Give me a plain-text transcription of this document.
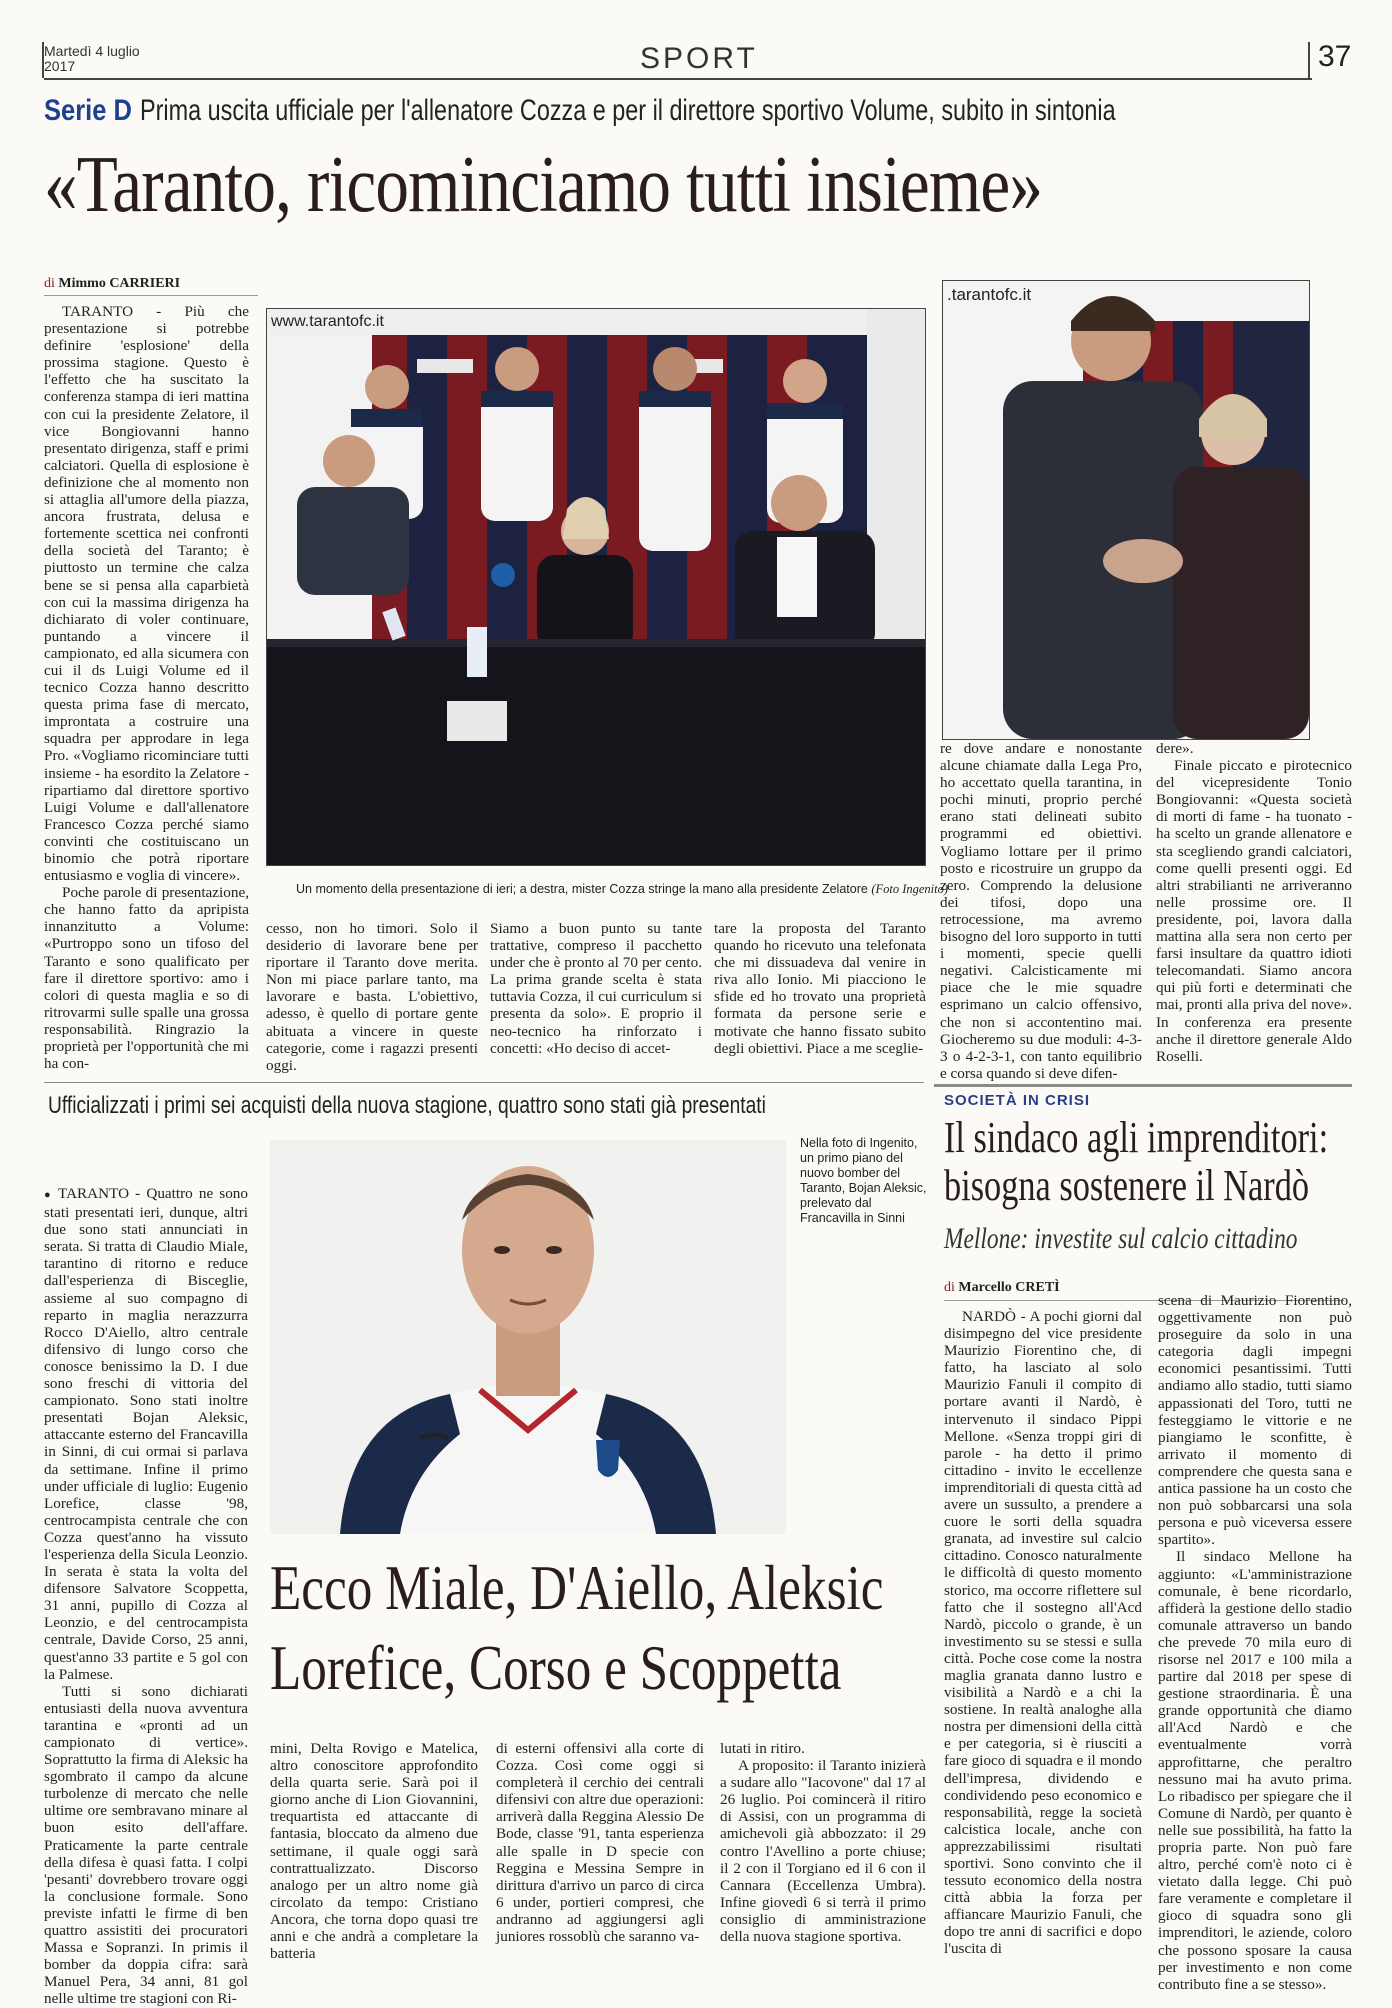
Martedì 4 luglio
2017	SPORT	37
Serie D Prima uscita ufficiale per l'allenatore Cozza e per il direttore sportivo Volume, subito in sintonia
«Taranto, ricominciamo tutti insieme»
di Mimmo CARRIERI

TARANTO - Più che presentazione si potrebbe definire 'esplosione' della prossima stagione. Questo è l'effetto che ha suscitato la conferenza stampa di ieri mattina con cui la presidente Zelatore, il vice Bongiovanni hanno presentato dirigenza, staff e primi calciatori. Quella di esplosione è definizione che al momento non si attaglia all'umore della piazza, ancora frustrata, delusa e fortemente scettica nei confronti della società del Taranto; è piuttosto un termine che calza bene se si pensa alla caparbietà con cui la massima dirigenza ha dichiarato di voler continuare, puntando a vincere il campionato, ed alla sicumera con cui il ds Luigi Volume ed il tecnico Cozza hanno descritto questa prima fase di mercato, improntata a costruire una squadra per approdare in lega Pro. «Vogliamo ricominciare tutti insieme - ha esordito la Zelatore - ripartiamo dal direttore sportivo Luigi Volume e dall'allenatore Francesco Cozza perché siamo convinti che costituiscano un binomio che potrà riportare entusiasmo e voglia di vincere».

Poche parole di presentazione, che hanno fatto da apripista innanzitutto a Volume: «Purtroppo sono un tifoso del Taranto e sono qualificato per fare il direttore sportivo: amo i colori di questa maglia e so di ritrovarmi sulle spalle una grossa responsabilità. Ringrazio la proprietà per l'opportunità che mi ha con-

www.tarantofc.it
Un momento della presentazione di ieri; a destra, mister Cozza stringe la mano alla presidente Zelatore (Foto Ingenito)
.tarantofc.it

cesso, non ho timori. Solo il desiderio di lavorare bene per riportare il Taranto dove merita. Non mi piace parlare tanto, ma lavorare e basta. L'obiettivo, adesso, è quello di portare gente abituata a vincere in queste categorie, come i ragazzi presenti oggi.

Siamo a buon punto su tante trattative, compreso il pacchetto under che è pronto al 70 per cento. La prima grande scelta è stata tuttavia Cozza, il cui curriculum si presenta da solo». E proprio il neo-tecnico ha rinforzato i concetti: «Ho deciso di accet-

tare la proposta del Taranto quando ho ricevuto una telefonata che mi dissuadeva dal venire in riva allo Ionio. Mi piacciono le sfide ed ho trovato una proprietà formata da persone serie e motivate che hanno fissato subito degli obiettivi. Piace a me sceglie-

re dove andare e nonostante alcune chiamate dalla Lega Pro, ho accettato quella tarantina, in pochi minuti, proprio perché erano stati delineati subito programmi ed obiettivi. Vogliamo lottare per il primo posto e ricostruire un gruppo da zero. Comprendo la delusione dei tifosi, dopo una retrocessione, ma avremo bisogno del loro supporto in tutti i momenti, specie quelli negativi. Calcisticamente mi piace che le mie squadre esprimano un calcio offensivo, che non si accontentino mai. Giocheremo su due moduli: 4-3-3 o 4-2-3-1, con tanto equilibrio e corsa quando si deve difen-

dere».

Finale piccato e pirotecnico del vicepresidente Tonio Bongiovanni: «Questa società di morti di fame - ha tuonato - ha scelto un grande allenatore e sta scegliendo grandi calciatori, come quelli presenti oggi. Ed altri strabilianti ne arriveranno nelle prossime ore. Il presidente, poi, lavora dalla mattina alla sera non certo per farsi insultare da quattro idioti telecomandati. Siamo ancora qui più forti e determinati che mai, pronti alla priva del nove». In conferenza era presente anche il direttore generale Aldo Roselli.

Ufficializzati i primi sei acquisti della nuova stagione, quattro sono stati già presentati

● TARANTO - Quattro ne sono stati presentati ieri, dunque, altri due sono stati annunciati in serata. Si tratta di Claudio Miale, tarantino di ritorno e reduce dall'esperienza di Bisceglie, assieme al suo compagno di reparto in maglia nerazzurra Rocco D'Aiello, altro centrale difensivo di lungo corso che conosce benissimo la D. I due sono freschi di vittoria del campionato. Sono stati inoltre presentati Bojan Aleksic, attaccante esterno del Francavilla in Sinni, di cui ormai si parlava da settimane. Infine il primo under ufficiale di luglio: Eugenio Lorefice, classe '98, centrocampista centrale che con Cozza quest'anno ha vissuto l'esperienza della Sicula Leonzio. In serata è stata la volta del difensore Salvatore Scoppetta, 31 anni, pupillo di Cozza al Leonzio, e del centrocampista centrale, Davide Corso, 25 anni, quest'anno 33 partite e 5 gol con la Palmese.

Tutti si sono dichiarati entusiasti della nuova avventura tarantina e «pronti ad un campionato di vertice». Soprattutto la firma di Aleksic ha sgombrato il campo da alcune turbolenze di mercato che nelle ultime ore sembravano minare al buon esito dell'affare. Praticamente la parte centrale della difesa è quasi fatta. I colpi 'pesanti' dovrebbero trovare oggi la conclusione formale. Sono previste infatti le firme di ben quattro assistiti dei procuratori Massa e Sopranzi. In primis il bomber da doppia cifra: sarà Manuel Pera, 34 anni, 81 gol nelle ultime tre stagioni con Ri-

Nella foto di Ingenito, un primo piano del nuovo bomber del Taranto, Bojan Aleksic, prelevato dal Francavilla in Sinni
Ecco Miale, D'Aiello, Aleksic
Lorefice, Corso e Scoppetta

mini, Delta Rovigo e Matelica, altro conoscitore approfondito della quarta serie. Sarà poi il giorno anche di Lion Giovannini, trequartista ed attaccante di fantasia, bloccato da almeno due settimane, il quale oggi sarà contrattualizzato. Discorso analogo per un altro nome già circolato da tempo: Cristiano Ancora, che torna dopo quasi tre anni e che andrà a completare la batteria

di esterni offensivi alla corte di Cozza. Così come oggi si completerà il cerchio dei centrali difensivi con altre due operazioni: arriverà dalla Reggina Alessio De Bode, classe '91, tanta esperienza alle spalle in D specie con Reggina e Messina Sempre in dirittura d'arrivo un parco di circa 6 under, portieri compresi, che andranno ad aggiungersi agli juniores rossoblù che saranno va-

lutati in ritiro.

A proposito: il Taranto inizierà a sudare allo "Iacovone" dal 17 al 26 luglio. Poi comincerà il ritiro di Assisi, con un programma di amichevoli già abbozzato: il 29 contro l'Avellino a porte chiuse; il 2 con il Torgiano ed il 6 con il Cannara (Eccellenza Umbra). Infine giovedì 6 si terrà il primo consiglio di amministrazione della nuova stagione sportiva.

SOCIETÀ IN CRISI
Il sindaco agli imprenditori: bisogna sostenere il Nardò
Mellone: investite sul calcio cittadino
di Marcello CRETÌ

NARDÒ - A pochi giorni dal disimpegno del vice presidente Maurizio Fiorentino che, di fatto, ha lasciato al solo Maurizio Fanuli il compito di portare avanti il Nardò, è intervenuto il sindaco Pippi Mellone. «Senza troppi giri di parole - ha detto il primo cittadino - invito le eccellenze imprenditoriali di questa città ad avere un sussulto, a prendere a cuore le sorti della squadra granata, ad investire sul calcio cittadino. Conosco naturalmente le difficoltà di questo momento storico, ma occorre riflettere sul fatto che il sostegno all'Acd Nardò, piccolo o grande, è un investimento su se stessi e sulla città. Poche cose come la nostra maglia granata danno lustro e visibilità a Nardò e a chi la sostiene. In realtà analoghe alla nostra per dimensioni della città e per categoria, si è riusciti a fare gioco di squadra e il mondo dell'impresa, dividendo e condividendo peso economico e responsabilità, regge la società calcistica locale, anche con apprezzabilissimi risultati sportivi. Sono convinto che il tessuto economico della nostra città abbia la forza per affiancare Maurizio Fanuli, che dopo tre anni di sacrifici e dopo l'uscita di

scena di Maurizio Fiorentino, oggettivamente non può proseguire da solo in una categoria dagli impegni economici pesantissimi. Tutti andiamo allo stadio, tutti siamo appassionati del Toro, tutti ne festeggiamo le vittorie e ne piangiamo le sconfitte, è arrivato il momento di comprendere che questa sana e antica passione ha un costo che non può sobbarcarsi una sola persona e può viceversa essere spartito».

Il sindaco Mellone ha aggiunto: «L'amministrazione comunale, è bene ricordarlo, affiderà la gestione dello stadio comunale attraverso un bando che prevede 70 mila euro di risorse nel 2017 e 100 mila a partire dal 2018 per spese di gestione straordinaria. È una grande opportunità che diamo all'Acd Nardò e che eventualmente vorrà approfittarne, che peraltro nessuno mai ha avuto prima. Lo ribadisco per spiegare che il Comune di Nardò, per quanto è nelle sue possibilità, ha fatto la propria parte. Non può fare altro, perché com'è noto ci è vietato dalla legge. Chi può fare veramente e completare il gioco di squadra sono gli imprenditori, le aziende, coloro che possono sposare la causa per investimento e non come contributo fine a se stesso».
